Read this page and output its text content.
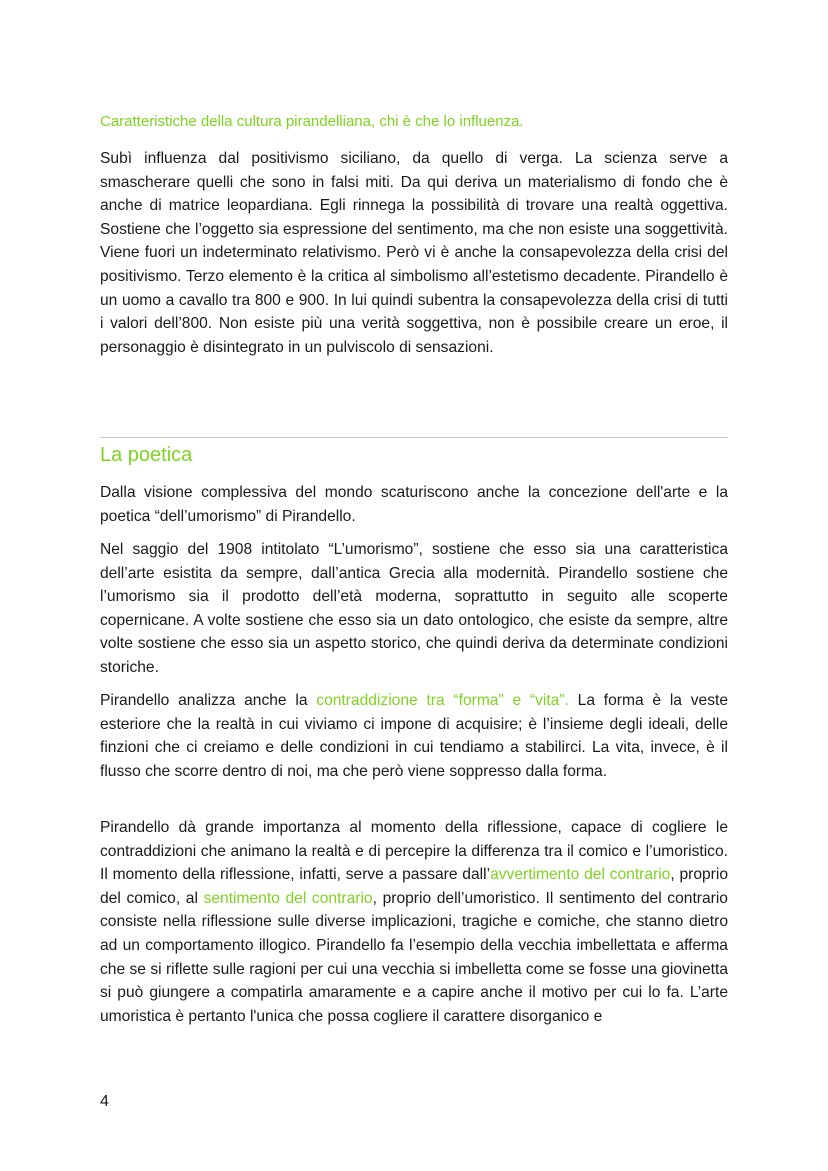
Caratteristiche della cultura pirandelliana, chi è che lo influenza.

Subì influenza dal positivismo siciliano, da quello di verga. La scienza serve a smascherare quelli che sono in falsi miti. Da qui deriva un materialismo di fondo che è anche di matrice leopardiana. Egli rinnega la possibilità di trovare una realtà oggettiva. Sostiene che l’oggetto sia espressione del sentimento, ma che non esiste una soggettività. Viene fuori un indeterminato relativismo. Però vi è anche la consapevolezza della crisi del positivismo. Terzo elemento è la critica al simbolismo all’estetismo decadente. Pirandello è un uomo a cavallo tra 800 e 900. In lui quindi subentra la consapevolezza della crisi di tutti i valori dell’800. Non esiste più una verità soggettiva, non è possibile creare un eroe, il personaggio è disintegrato in un pulviscolo di sensazioni.

La poetica

Dalla visione complessiva del mondo scaturiscono anche la concezione dell'arte e la poetica “dell’umorismo” di Pirandello.

Nel saggio del 1908 intitolato “L’umorismo”, sostiene che esso sia una caratteristica dell’arte esistita da sempre, dall’antica Grecia alla modernità. Pirandello sostiene che l’umorismo sia il prodotto dell’età moderna, soprattutto in seguito alle scoperte copernicane. A volte sostiene che esso sia un dato ontologico, che esiste da sempre, altre volte sostiene che esso sia un aspetto storico, che quindi deriva da determinate condizioni storiche.

Pirandello analizza anche la contraddizione tra “forma” e “vita”. La forma è la veste esteriore che la realtà in cui viviamo ci impone di acquisire; è l’insieme degli ideali, delle finzioni che ci creiamo e delle condizioni in cui tendiamo a stabilirci. La vita, invece, è il flusso che scorre dentro di noi, ma che però viene soppresso dalla forma.

Pirandello dà grande importanza al momento della riflessione, capace di cogliere le contraddizioni che animano la realtà e di percepire la differenza tra il comico e l’umoristico. Il momento della riflessione, infatti, serve a passare dall’avvertimento del contrario, proprio del comico, al sentimento del contrario, proprio dell’umoristico. Il sentimento del contrario consiste nella riflessione sulle diverse implicazioni, tragiche e comiche, che stanno dietro ad un comportamento illogico. Pirandello fa l’esempio della vecchia imbellettata e afferma che se si riflette sulle ragioni per cui una vecchia si imbelletta come se fosse una giovinetta si può giungere a compatirla amaramente e a capire anche il motivo per cui lo fa. L’arte umoristica è pertanto l'unica che possa cogliere il carattere disorganico e

4
